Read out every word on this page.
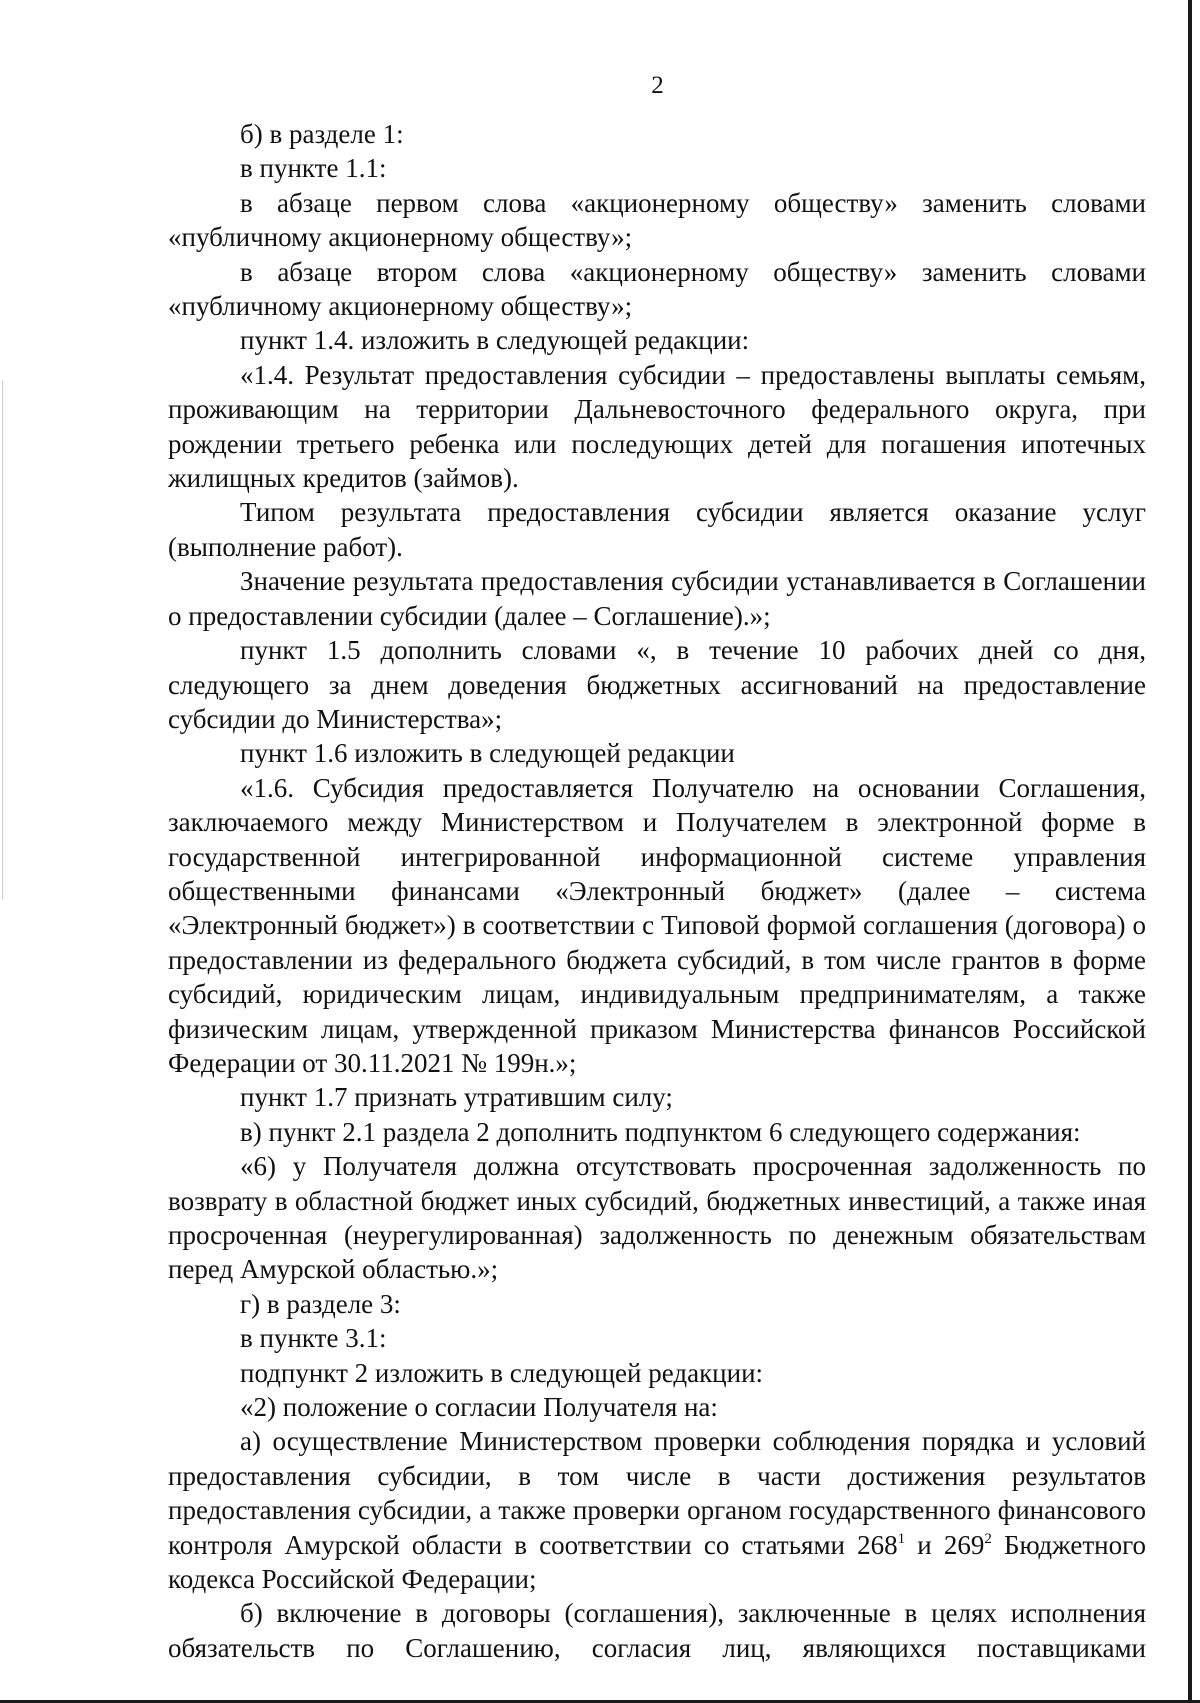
2

б) в разделе 1:

в пункте 1.1:

в абзаце первом слова «акционерному обществу» заменить словами «публичному акционерному обществу»;

в абзаце втором слова «акционерному обществу» заменить словами «публичному акционерному обществу»;

пункт 1.4. изложить в следующей редакции:

«1.4. Результат предоставления субсидии – предоставлены выплаты семьям, проживающим на территории Дальневосточного федерального округа, при рождении третьего ребенка или последующих детей для погашения ипотечных жилищных кредитов (займов).

Типом результата предоставления субсидии является оказание услуг (выполнение работ).

Значение результата предоставления субсидии устанавливается в Соглашении о предоставлении субсидии (далее – Соглашение).»;

пункт 1.5 дополнить словами «, в течение 10 рабочих дней со дня, следующего за днем доведения бюджетных ассигнований на предоставление субсидии до Министерства»;

пункт 1.6 изложить в следующей редакции

«1.6. Субсидия предоставляется Получателю на основании Соглашения, заключаемого между Министерством и Получателем в электронной форме в государственной интегрированной информационной системе управления общественными финансами «Электронный бюджет» (далее – система «Электронный бюджет») в соответствии с Типовой формой соглашения (договора) о предоставлении из федерального бюджета субсидий, в том числе грантов в форме субсидий, юридическим лицам, индивидуальным предпринимателям, а также физическим лицам, утвержденной приказом Министерства финансов Российской Федерации от 30.11.2021 № 199н.»;

пункт 1.7 признать утратившим силу;

в) пункт 2.1 раздела 2 дополнить подпунктом 6 следующего содержания:

«6) у Получателя должна отсутствовать просроченная задолженность по возврату в областной бюджет иных субсидий, бюджетных инвестиций, а также иная просроченная (неурегулированная) задолженность по денежным обязательствам перед Амурской областью.»;

г) в разделе 3:

в пункте 3.1:

подпункт 2 изложить в следующей редакции:

«2) положение о согласии Получателя на:

а) осуществление Министерством проверки соблюдения порядка и условий предоставления субсидии, в том числе в части достижения результатов предоставления субсидии, а также проверки органом государственного финансового контроля Амурской области в соответствии со статьями $268^1$ и $269^2$ Бюджетного кодекса Российской Федерации;

б) включение в договоры (соглашения), заключенные в целях исполнения обязательств по Соглашению, согласия лиц, являющихся поставщиками
